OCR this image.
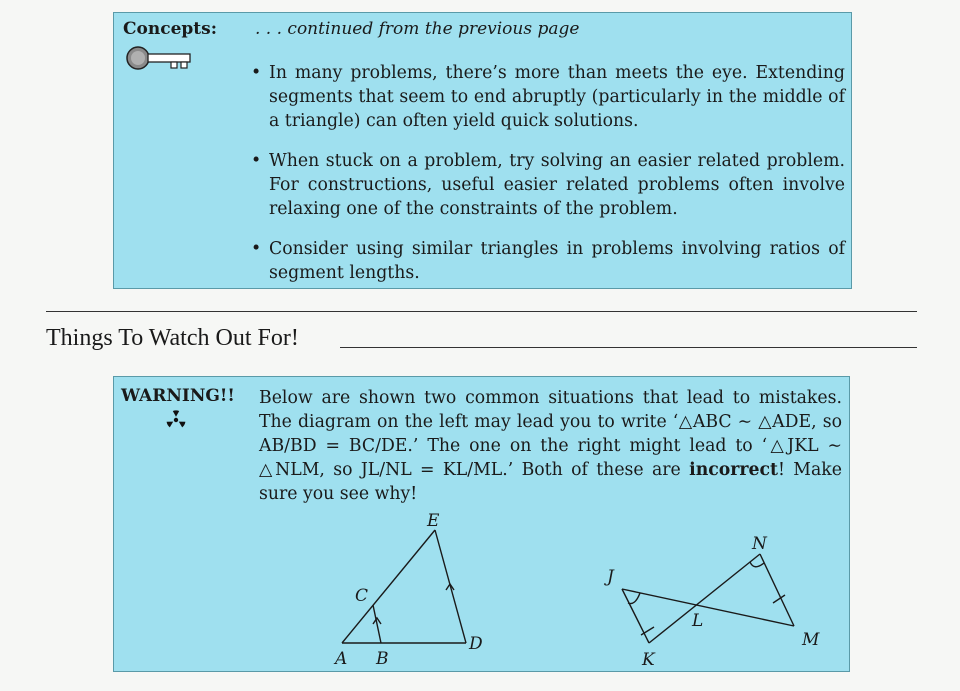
Concepts: . . . continued from the previous page
• In many problems, there’s more than meets the eye. Extending segments that seem to end abruptly (particularly in the middle of a triangle) can often yield quick solutions.
• When stuck on a problem, try solving an easier related problem. For constructions, useful easier related problems often involve relaxing one of the constraints of the problem.
• Consider using similar triangles in problems involving ratios of segment lengths.
Things To Watch Out For!
WARNING!! Below are shown two common situations that lead to mistakes. The diagram on the left may lead you to write ‘△ABC ∼ △ADE, so AB/BD = BC/DE.’ The one on the right might lead to ‘△JKL ∼ △NLM, so JL/NL = KL/ML.’ Both of these are incorrect! Make sure you see why!
A B
C
D
E
J
K
L
M
N
